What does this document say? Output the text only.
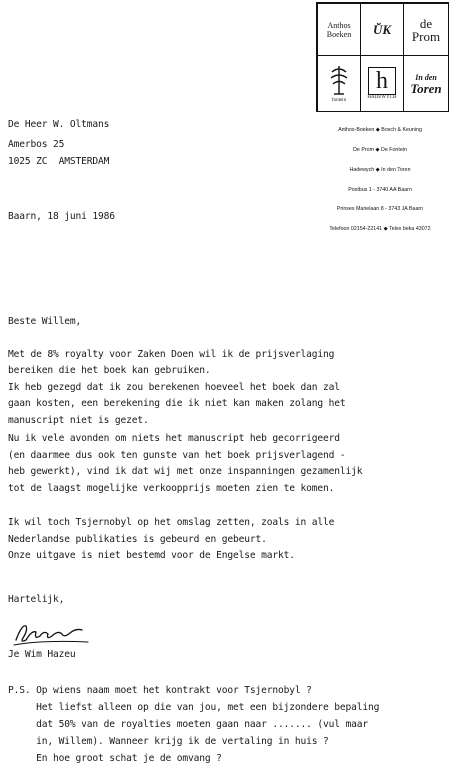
Anthos
Boeken ŬK de
Prom
fontein
h
HADEWYCH
In den
Toren

Anthos-Boeken ◆ Bosch & Keuning

De Prom ◆ De Fontein

Hadewych ◆ In den Toren

Postbus 1 - 3740 AA Baarn

Prinses Marielaan 8 - 3743 JA Baarn

Telefoon 02154-22141 ◆ Telex beka 43072

De Heer W. Oltmans
Amerbos 25
1025 ZC  AMSTERDAM
Baarn, 18 juni 1986
Beste Willem,
Met de 8% royalty voor Zaken Doen wil ik de prijsverlaging
bereiken die het boek kan gebruiken.
Ik heb gezegd dat ik zou berekenen hoeveel het boek dan zal
gaan kosten, een berekening die ik niet kan maken zolang het
manuscript niet is gezet.
Nu ik vele avonden om niets het manuscript heb gecorrigeerd
(en daarmee dus ook ten gunste van het boek prijsverlagend -
heb gewerkt), vind ik dat wij met onze inspanningen gezamenlijk
tot de laagst mogelijke verkoopprijs moeten zien te komen.
Ik wil toch Tsjernobyl op het omslag zetten, zoals in alle
Nederlandse publikaties is gebeurd en gebeurt.
Onze uitgave is niet bestemd voor de Engelse markt.
Hartelijk,
Je Wim Hazeu
P.S. Op wiens naam moet het kontrakt voor Tsjernobyl ?
Het liefst alleen op die van jou, met een bijzondere bepaling
dat 50% van de royalties moeten gaan naar ....... (vul maar
in, Willem). Wanneer krijg ik de vertaling in huis ?
En hoe groot schat je de omvang ?
